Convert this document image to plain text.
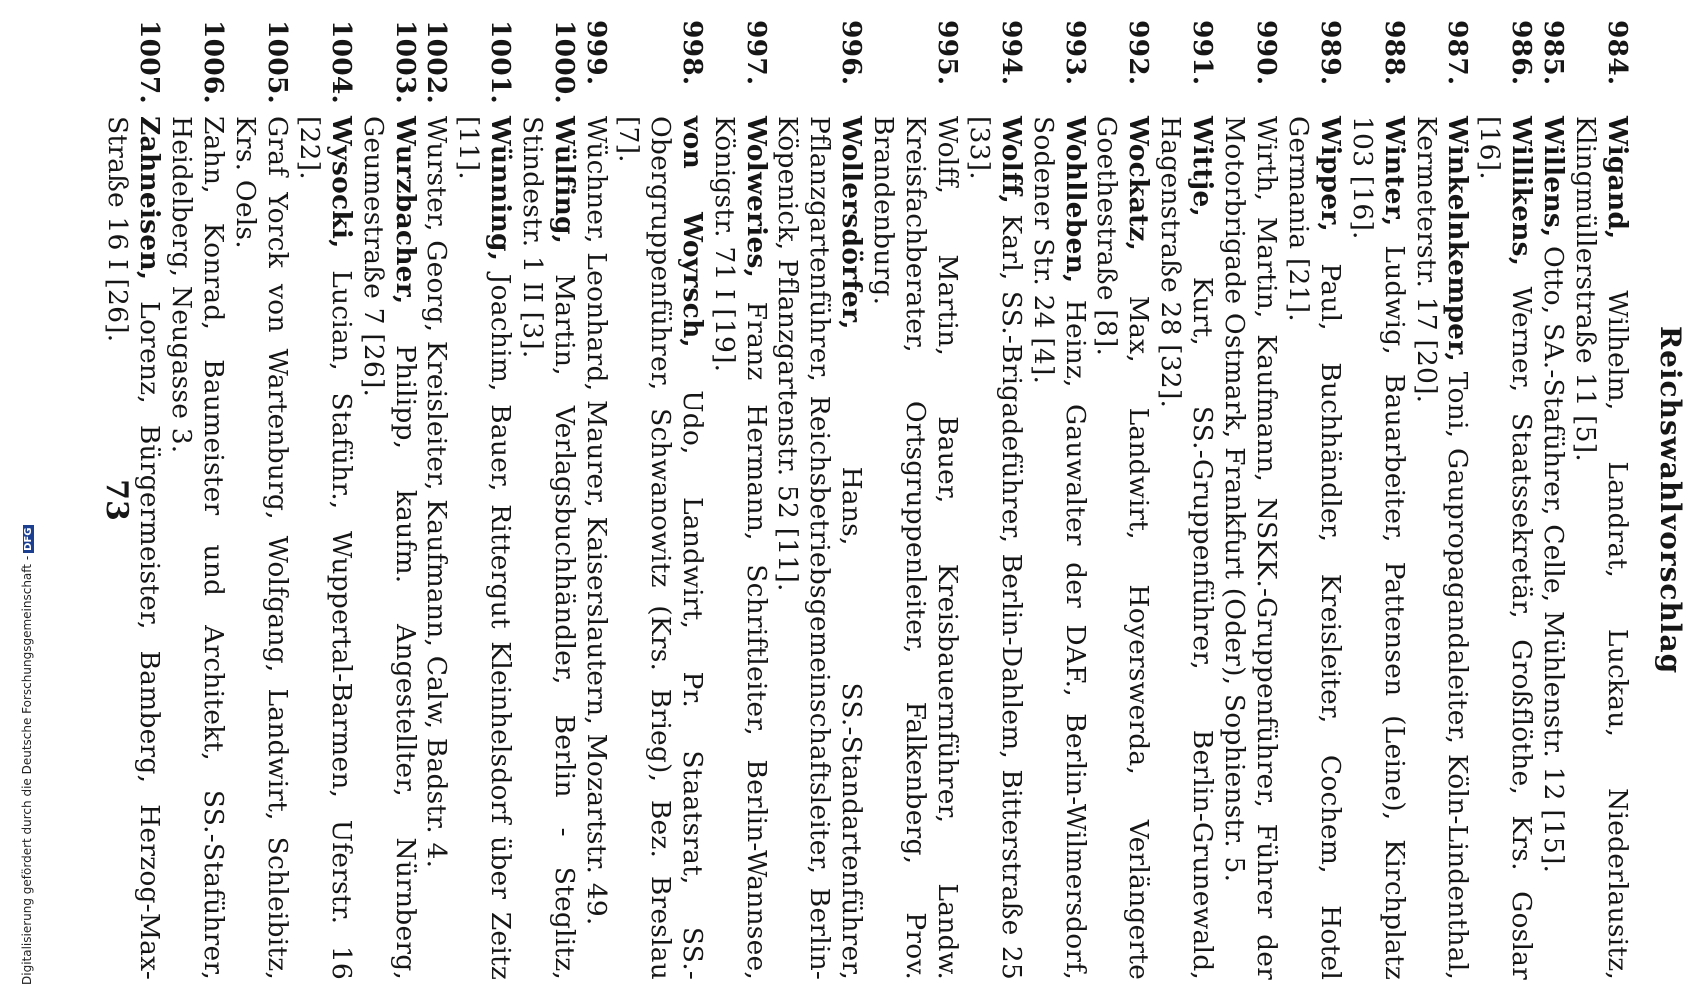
Reichswahlvorschlag
984.
Wigand, Wilhelm, Landrat, Luckau, Niederlausitz, Klingmüllerstraße 11 [5].
985.
Willens, Otto, SA.-Staführer, Celle, Mühlenstr. 12 [15].
986.
Willikens, Werner, Staatssekretär, Großflöthe, Krs. Goslar [16].
987.
Winkelnkemper, Toni, Gaupropagandaleiter, Köln-Lindenthal, Kermeterstr. 17 [20].
988.
Winter, Ludwig, Bauarbeiter, Pattensen (Leine), Kirchplatz 103 [16].
989.
Wipper, Paul, Buchhändler, Kreisleiter, Cochem, Hotel Germania [21].
990.
Wirth, Martin, Kaufmann, NSKK.-Gruppenführer, Führer der Motorbrigade Ostmark, Frankfurt (Oder), Sophienstr. 5.
991.
Wittje, Kurt, SS.-Gruppenführer, Berlin-Grunewald, Hagenstraße 28 [32].
992.
Wockatz, Max, Landwirt, Hoyerswerda, Verlängerte Goethestraße [8].
993.
Wohlleben, Heinz, Gauwalter der DAF., Berlin-Wilmersdorf, Sodener Str. 24 [4].
994.
Wolff, Karl, SS.-Brigadeführer, Berlin-Dahlem, Bitterstraße 25 [33].
995.
Wolff, Martin, Bauer, Kreisbauernführer, Landw. Kreisfachberater, Ortsgruppenleiter, Falkenberg, Prov. Brandenburg.
996.
Wollersdörfer, Hans, SS.-Standartenführer, Pflanzgartenführer, Reichsbetriebsgemeinschaftsleiter, Berlin-Köpenick, Pflanzgartenstr. 52 [11].
997.
Wolweries, Franz Hermann, Schriftleiter, Berlin-Wannsee, Königstr. 71 I [19].
998.
von Woyrsch, Udo, Landwirt, Pr. Staatsrat, SS.-Obergruppenführer, Schwanowitz (Krs. Brieg), Bez. Breslau [7].
999.
Wüchner, Leonhard, Maurer, Kaiserslautern, Mozartstr. 49.
1000.
Wülfing, Martin, Verlagsbuchhändler, Berlin - Steglitz, Stindestr. 1 II [3].
1001.
Wünning, Joachim, Bauer, Rittergut Kleinhelsdorf über Zeitz [11].
1002.
Wurster, Georg, Kreisleiter, Kaufmann, Calw, Badstr. 4.
1003.
Wurzbacher, Philipp, kaufm. Angestellter, Nürnberg, Geumestraße 7 [26].
1004.
Wysocki, Lucian, Staführ., Wuppertal-Barmen, Uferstr. 16 [22].
1005.
Graf Yorck von Wartenburg, Wolfgang, Landwirt, Schleibitz, Krs. Oels.
1006.
Zahn, Konrad, Baumeister und Architekt, SS.-Staführer, Heidelberg, Neugasse 3.
1007.
Zahneisen, Lorenz, Bürgermeister, Bamberg, Herzog-Max-Straße 16 I [26].
73
Digitalisierung gefördert durch die Deutsche Forschungsgemeinschaft -DFG
